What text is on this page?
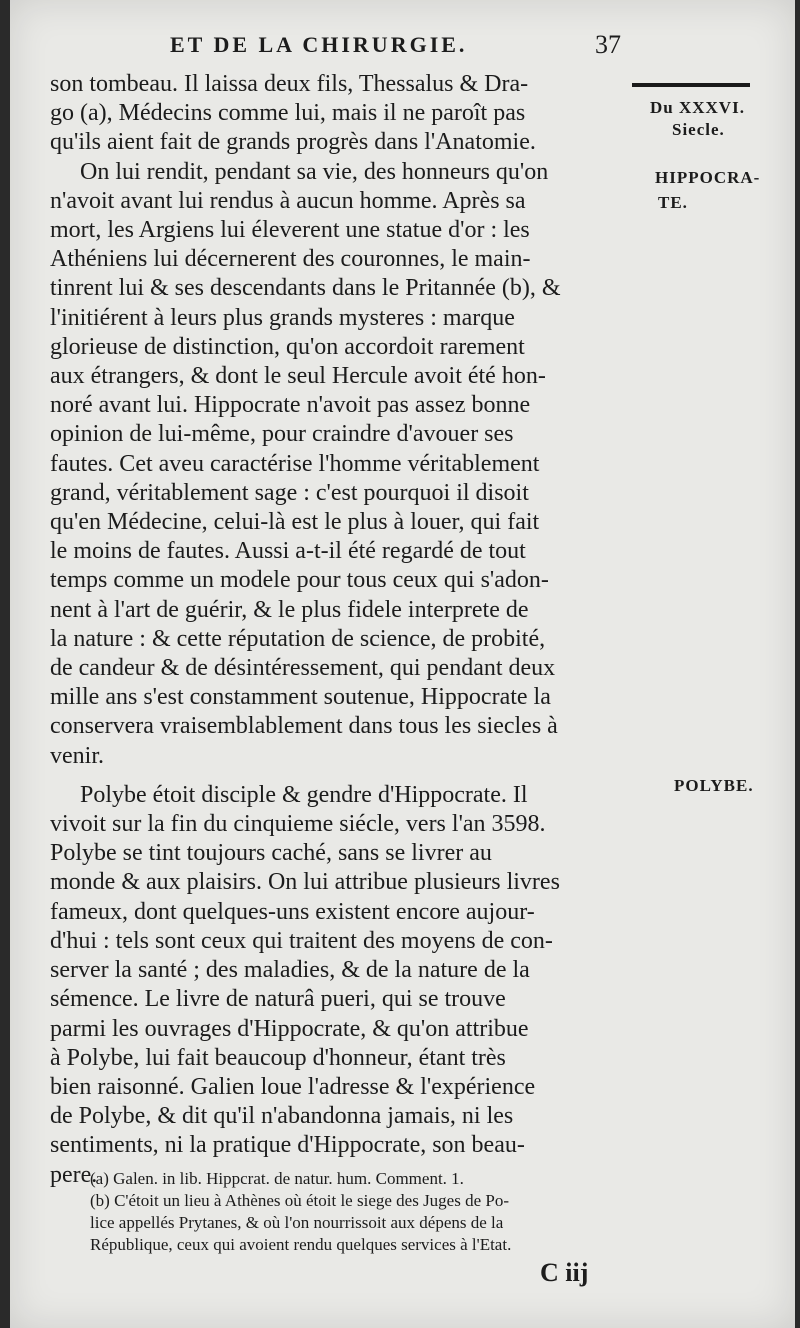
ET DE LA CHIRURGIE.	37
Du XXXVI.
Siecle.
HIPPOCRA-
TE.
POLYBE.
son tombeau. Il laissa deux fils, Thessalus & Dra-
go (a), Médecins comme lui, mais il ne paroît pas
qu'ils aient fait de grands progrès dans l'Anatomie.
On lui rendit, pendant sa vie, des honneurs qu'on
n'avoit avant lui rendus à aucun homme. Après sa
mort, les Argiens lui éleverent une statue d'or : les
Athéniens lui décernerent des couronnes, le main-
tinrent lui & ses descendants dans le Pritannée (b), &
l'initiérent à leurs plus grands mysteres : marque
glorieuse de distinction, qu'on accordoit rarement
aux étrangers, & dont le seul Hercule avoit été hon-
noré avant lui. Hippocrate n'avoit pas assez bonne
opinion de lui-même, pour craindre d'avouer ses
fautes. Cet aveu caractérise l'homme véritablement
grand, véritablement sage : c'est pourquoi il disoit
qu'en Médecine, celui-là est le plus à louer, qui fait
le moins de fautes. Aussi a-t-il été regardé de tout
temps comme un modele pour tous ceux qui s'adon-
nent à l'art de guérir, & le plus fidele interprete de
la nature : & cette réputation de science, de probité,
de candeur & de désintéressement, qui pendant deux
mille ans s'est constamment soutenue, Hippocrate la
conservera vraisemblablement dans tous les siecles à
venir.
Polybe étoit disciple & gendre d'Hippocrate. Il
vivoit sur la fin du cinquieme siécle, vers l'an 3598.
Polybe se tint toujours caché, sans se livrer au
monde & aux plaisirs. On lui attribue plusieurs livres
fameux, dont quelques-uns existent encore aujour-
d'hui : tels sont ceux qui traitent des moyens de con-
server la santé ; des maladies, & de la nature de la
sémence. Le livre de naturâ pueri, qui se trouve
parmi les ouvrages d'Hippocrate, & qu'on attribue
à Polybe, lui fait beaucoup d'honneur, étant très
bien raisonné. Galien loue l'adresse & l'expérience
de Polybe, & dit qu'il n'abandonna jamais, ni les
sentiments, ni la pratique d'Hippocrate, son beau-
pere.
(a) Galen. in lib. Hippcrat. de natur. hum. Comment. 1.
(b) C'étoit un lieu à Athènes où étoit le siege des Juges de Po-
lice appellés Prytanes, & où l'on nourrissoit aux dépens de la
République, ceux qui avoient rendu quelques services à l'Etat.
C iij
